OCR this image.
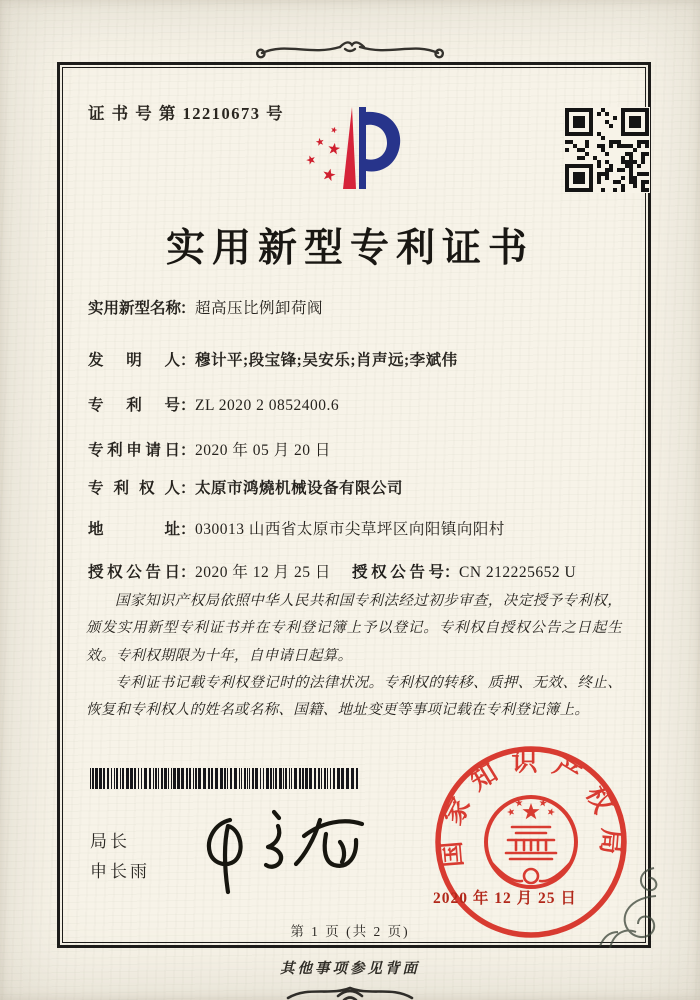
证 书 号 第 12210673 号
实用新型专利证书
实用新型名称：超高压比例卸荷阀
发明人：穆计平;段宝锋;吴安乐;肖声远;李斌伟
专利号：ZL 2020 2 0852400.6
专利申请日：2020 年 05 月 20 日
专利权人：太原市鸿燒机械设备有限公司
地址：030013 山西省太原市尖草坪区向阳镇向阳村
授权公告日：2020 年 12 月 25 日	授权公告号：CN 212225652 U

国家知识产权局依照中华人民共和国专利法经过初步审查，决定授予专利权，颁发实用新型专利证书并在专利登记簿上予以登记。专利权自授权公告之日起生效。专利权期限为十年，自申请日起算。

专利证书记载专利权登记时的法律状况。专利权的转移、质押、无效、终止、恢复和专利权人的姓名或名称、国籍、地址变更等事项记载在专利登记簿上。

局长
申长雨
国家知识产权局
2020 年 12 月 25 日
第 1 页 (共 2 页)
其他事项参见背面
